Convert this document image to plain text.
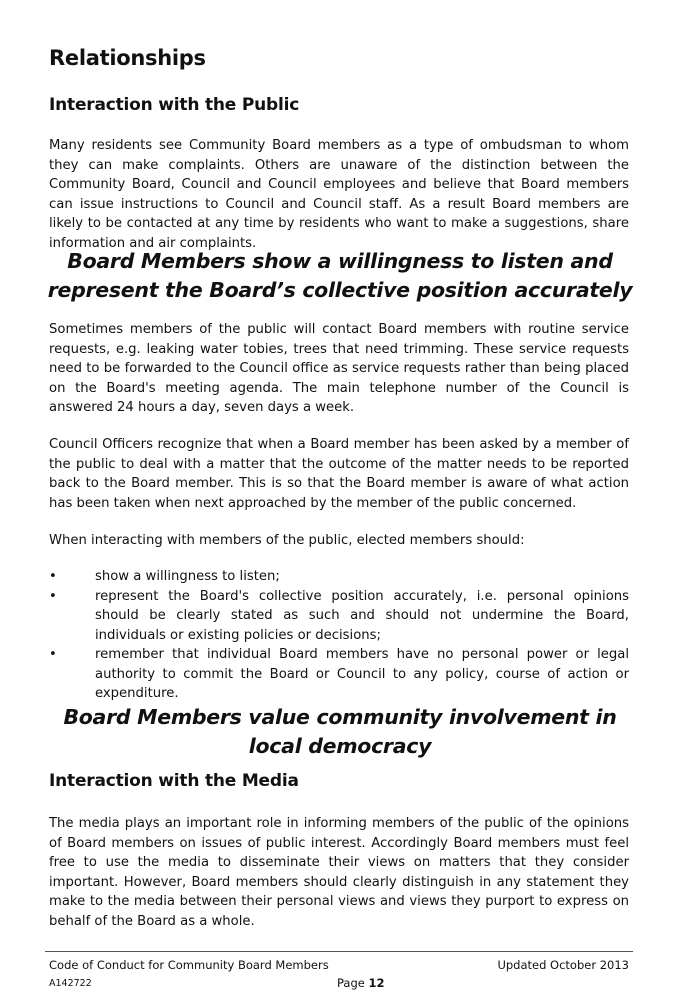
Relationships
Interaction with the Public

Many residents see Community Board members as a type of ombudsman to whom they can make complaints. Others are unaware of the distinction between the Community Board, Council and Council employees and believe that Board members can issue instructions to Council and Council staff. As a result Board members are likely to be contacted at any time by residents who want to make a suggestions, share information and air complaints.

Board Members show a willingness to listen and represent the Board’s collective position accurately

Sometimes members of the public will contact Board members with routine service requests, e.g. leaking water tobies, trees that need trimming. These service requests need to be forwarded to the Council office as service requests rather than being placed on the Board's meeting agenda. The main telephone number of the Council is answered 24 hours a day, seven days a week.

Council Officers recognize that when a Board member has been asked by a member of the public to deal with a matter that the outcome of the matter needs to be reported back to the Board member. This is so that the Board member is aware of what action has been taken when next approached by the member of the public concerned.

When interacting with members of the public, elected members should:

•	show a willingness to listen;
•	represent the Board's collective position accurately, i.e. personal opinions should be clearly stated as such and should not undermine the Board, individuals or existing policies or decisions;
•	remember that individual Board members have no personal power or legal authority to commit the Board or Council to any policy, course of action or expenditure.

Board Members value community involvement in local democracy

Interaction with the Media

The media plays an important role in informing members of the public of the opinions of Board members on issues of public interest. Accordingly Board members must feel free to use the media to disseminate their views on matters that they consider important. However, Board members should clearly distinguish in any statement they make to the media between their personal views and views they purport to express on behalf of the Board as a whole.

Code of Conduct for Community Board Members	Updated October 2013
A142722	Page 12
